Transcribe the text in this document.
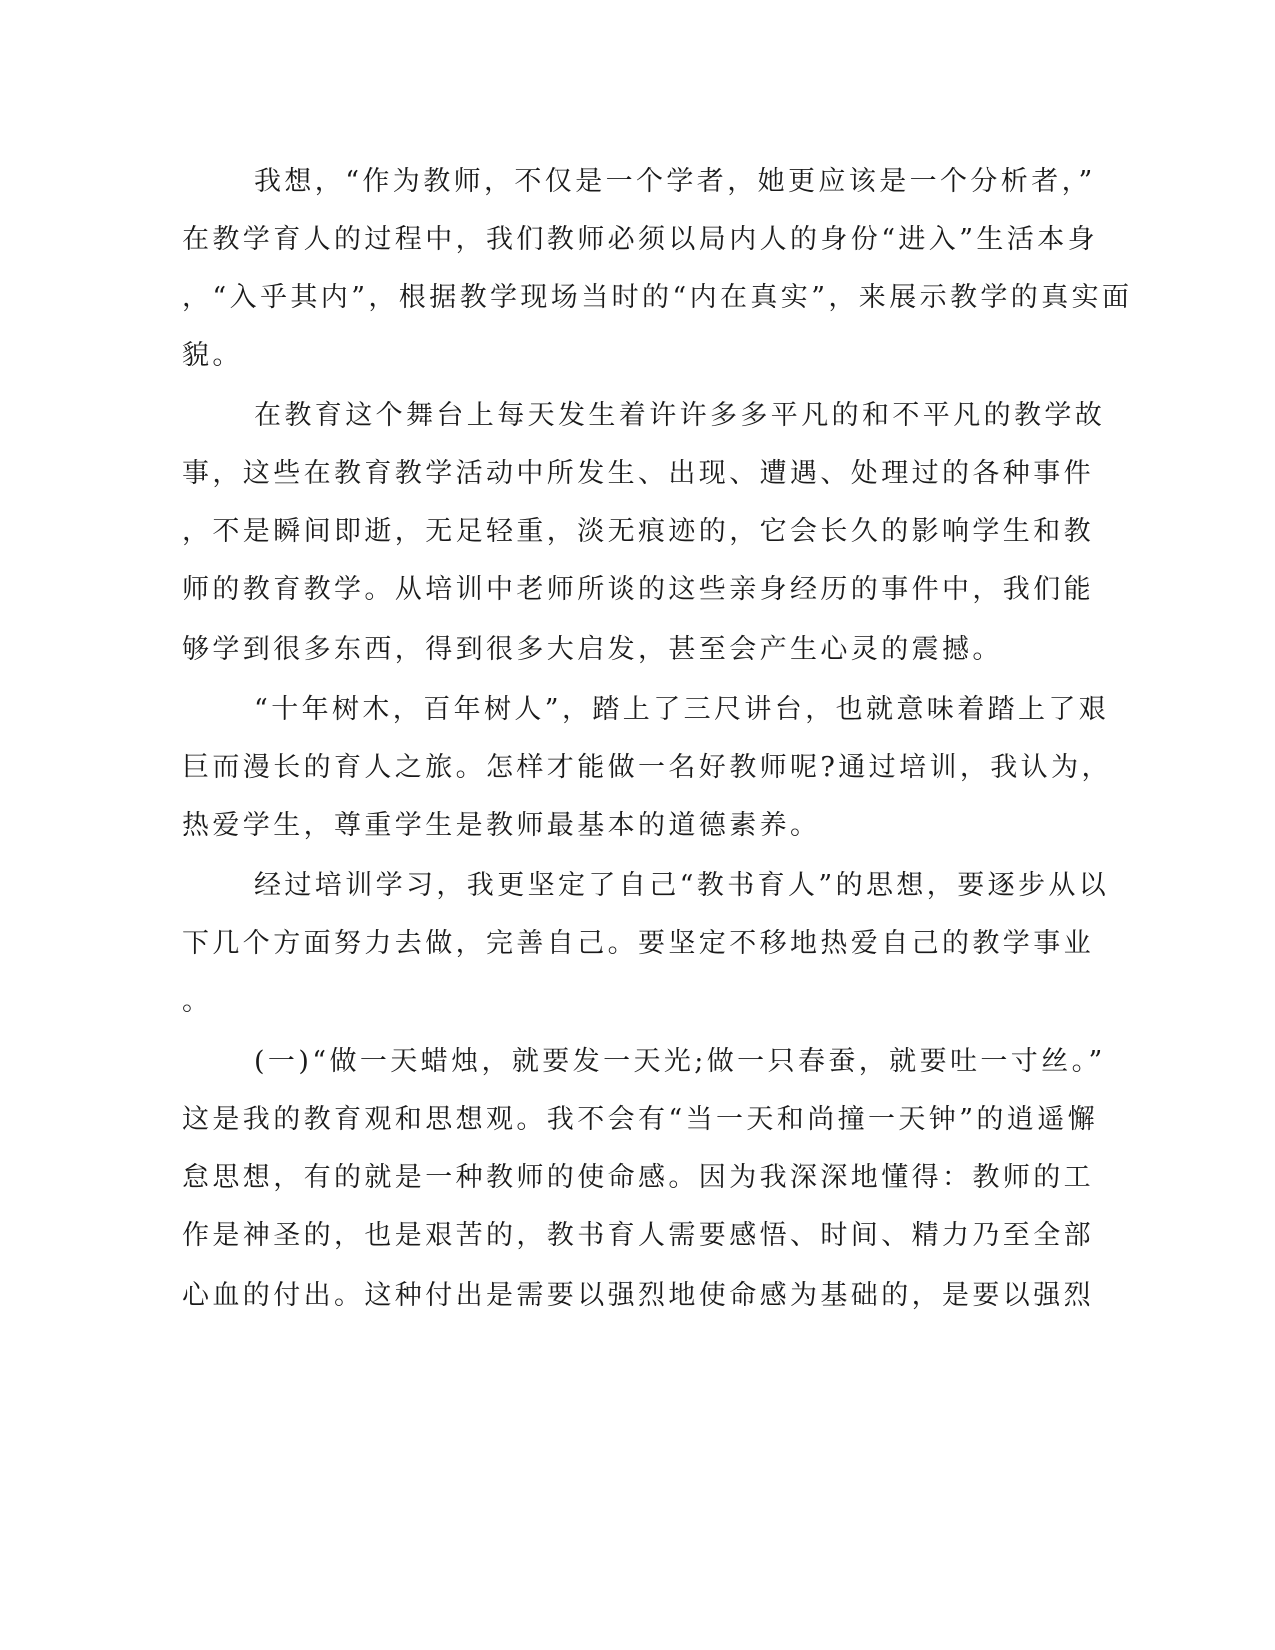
我想，“作为教师，不仅是一个学者，她更应该是一个分析者，”
在教学育人的过程中，我们教师必须以局内人的身份“进入”生活本身
，“入乎其内”，根据教学现场当时的“内在真实”，来展示教学的真实面
貌。
在教育这个舞台上每天发生着许许多多平凡的和不平凡的教学故
事，这些在教育教学活动中所发生、出现、遭遇、处理过的各种事件
，不是瞬间即逝，无足轻重，淡无痕迹的，它会长久的影响学生和教
师的教育教学。从培训中老师所谈的这些亲身经历的事件中，我们能
够学到很多东西，得到很多大启发，甚至会产生心灵的震撼。
“十年树木，百年树人”，踏上了三尺讲台，也就意味着踏上了艰
巨而漫长的育人之旅。怎样才能做一名好教师呢?通过培训，我认为，
热爱学生，尊重学生是教师最基本的道德素养。
经过培训学习，我更坚定了自己“教书育人”的思想，要逐步从以
下几个方面努力去做，完善自己。要坚定不移地热爱自己的教学事业
。
(一)“做一天蜡烛，就要发一天光;做一只春蚕，就要吐一寸丝。”
这是我的教育观和思想观。我不会有“当一天和尚撞一天钟”的逍遥懈
怠思想，有的就是一种教师的使命感。因为我深深地懂得：教师的工
作是神圣的，也是艰苦的，教书育人需要感悟、时间、精力乃至全部
心血的付出。这种付出是需要以强烈地使命感为基础的，是要以强烈
